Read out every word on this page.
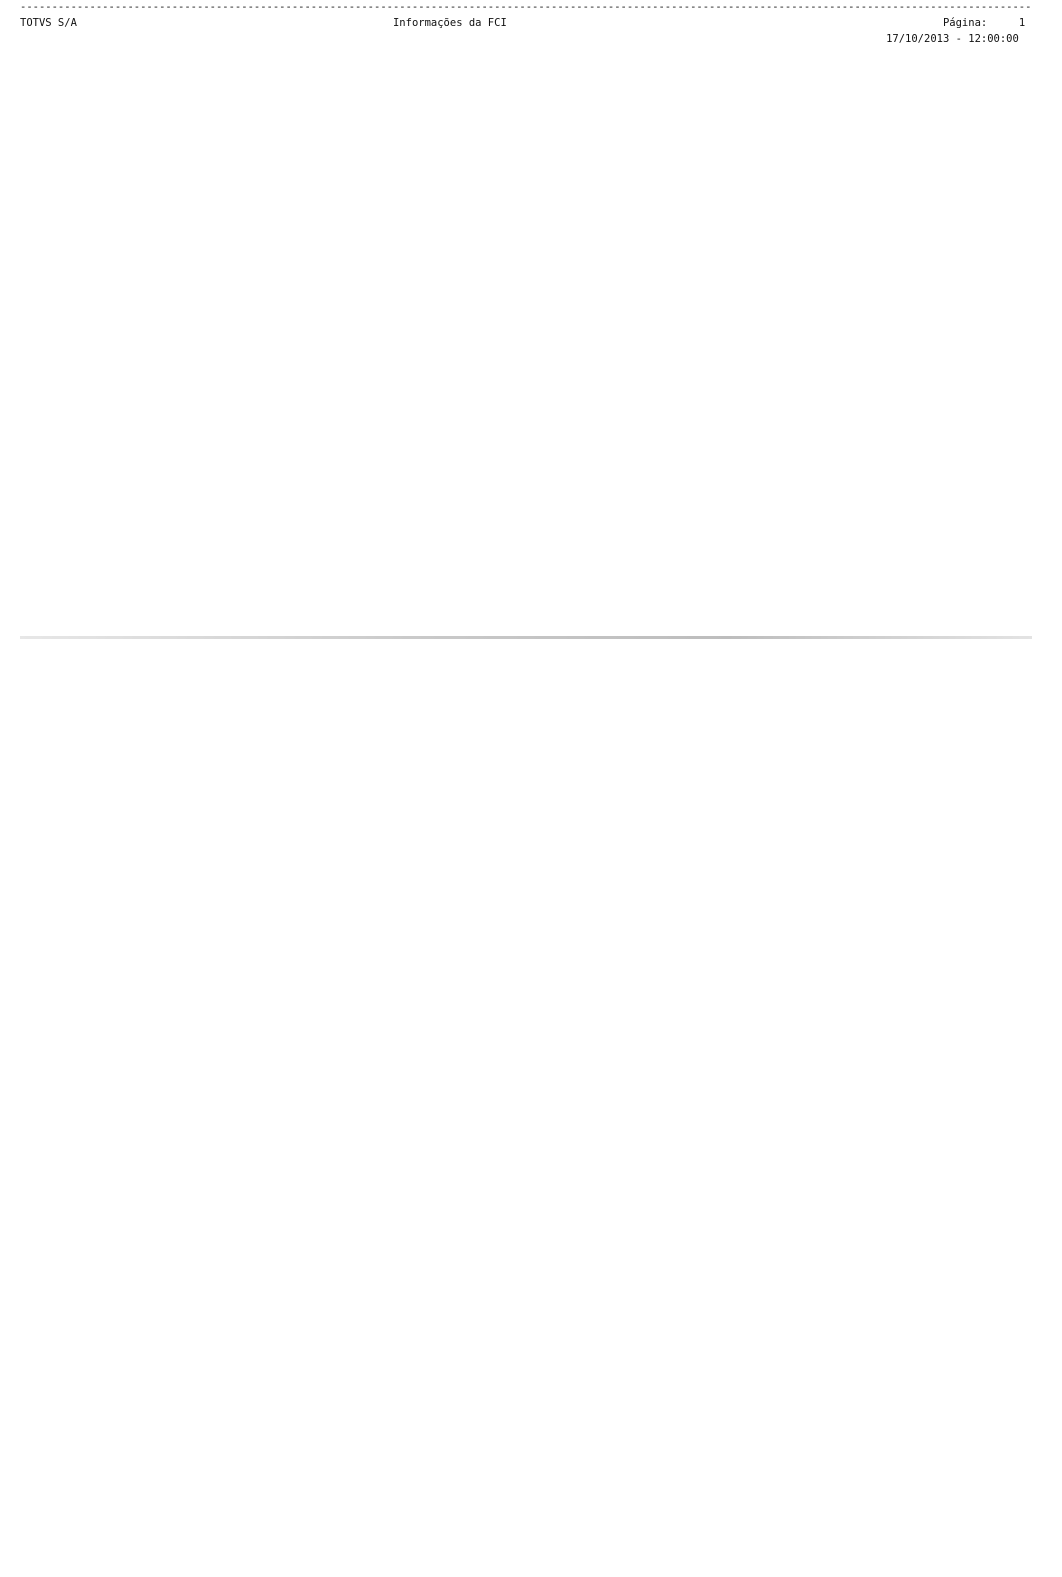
----------------------------------------------------------------------------------------------------------------------------------------------------------------
TOTVS S/A	Informações da FCI	Página:	1
17/10/2013 - 12:00:00
